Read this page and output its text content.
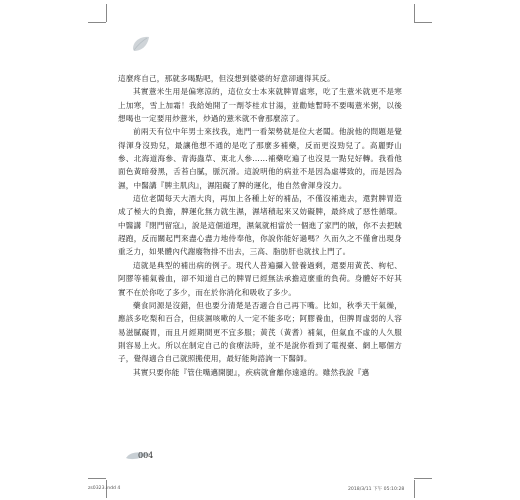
這麼疼自己，那就多喝點吧，但沒想到婆婆的好意卻適得其反。

其實薏米生用是偏寒涼的，這位女士本來就脾胃虛寒，吃了生薏米就更不是寒上加寒，雪上加霜！我給她開了一劑苓桂朮甘湯，並勸她暫時不要喝薏米粥，以後想喝也一定要用炒薏米，炒過的薏米就不會那麼涼了。

前兩天有位中年男士來找我，進門一看架勢就是位大老闆。他說他的問題是覺得渾身沒勁兒，最讓他想不通的是吃了那麼多補藥，反而更沒勁兒了。高麗野山參、北海道海參、青海蟲草、東北人參……補藥吃遍了也沒見一點兒好轉。我看他面色黃暗發黑，舌苔白膩，脈沉滑。這說明他的病並不是因為虛導致的，而是因為濕，中醫講『脾主肌肉』，濕阻礙了脾的運化，他自然會渾身沒力。

這位老闆每天大酒大肉，再加上各種上好的補品，不僅沒補進去，還對脾胃造成了極大的負擔，脾運化無力就生濕，濕堵積起來又妨礙脾，最終成了惡性循環。中醫講『閉門留寇』，說是這個道理，濕氣就相當於一個進了家門的賊，你不去把賊趕跑，反而關起門來盡心盡力地侍奉他，你說你能好過嗎？久而久之不僅會出現身重乏力，如果體內代謝廢物排不出去，三高、脂肪肝也就找上門了。

這就是典型的補出病的例子。現代人普遍攝入營養過剩，還要用黃芪、枸杞、阿膠等補氣養血，卻不知道自己的脾胃已經無法承擔這麼重的負荷。身體好不好其實不在於你吃了多少，而在於你消化和吸收了多少。

藥食同源是沒錯，但也要分清楚是否適合自己再下嘴。比如，秋季天干氣燥，應該多吃梨和百合，但痰濕咳嗽的人一定不能多吃；阿膠養血，但脾胃虛弱的人容易滋膩礙胃，而且月經期間更不宜多服；黃芪（黃耆）補氣，但氣血不虛的人久服則容易上火。所以在制定自己的食療法時，並不是說你看到了電視臺、網上哪個方子，覺得適合自己就照搬使用，最好能夠諮詢一下醫師。

其實只要你能『管住嘴邁開腿』，疾病就會離你遠遠的。雖然我說『邁

004
zs0323.indd 4	2018/3/11 下午 05:10:28
